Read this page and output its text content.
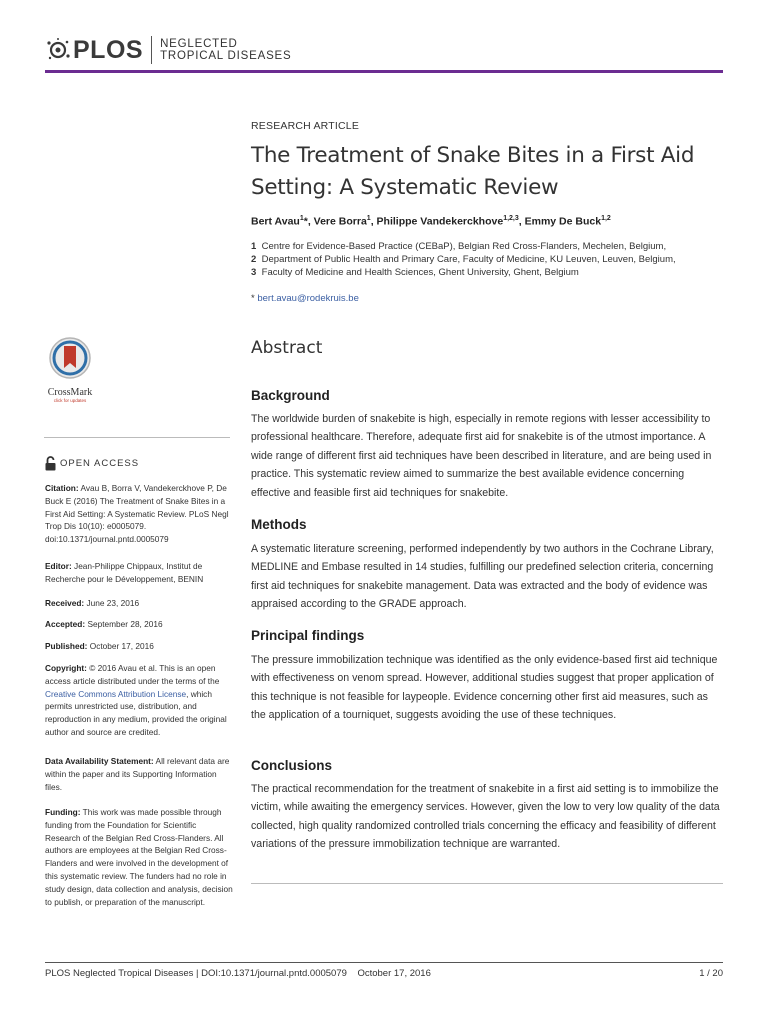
PLOS NEGLECTED
TROPICAL DISEASES
RESEARCH ARTICLE
The Treatment of Snake Bites in a First Aid Setting: A Systematic Review
Bert Avau$^1$*, Vere Borra$^1$, Philippe Vandekerckhove$^{1,2,3}$, Emmy De Buck$^{1,2}$
1 Centre for Evidence-Based Practice (CEBaP), Belgian Red Cross-Flanders, Mechelen, Belgium,
2 Department of Public Health and Primary Care, Faculty of Medicine, KU Leuven, Leuven, Belgium,
3 Faculty of Medicine and Health Sciences, Ghent University, Ghent, Belgium
* bert.avau@rodekruis.be
CrossMark
click for updates
OPEN ACCESS
Citation: Avau B, Borra V, Vandekerckhove P, De Buck E (2016) The Treatment of Snake Bites in a First Aid Setting: A Systematic Review. PLoS Negl Trop Dis 10(10): e0005079. doi:10.1371/journal.pntd.0005079
Editor: Jean-Philippe Chippaux, Institut de Recherche pour le Développement, BENIN
Received: June 23, 2016
Accepted: September 28, 2016
Published: October 17, 2016
Copyright: © 2016 Avau et al. This is an open access article distributed under the terms of the Creative Commons Attribution License, which permits unrestricted use, distribution, and reproduction in any medium, provided the original author and source are credited.
Data Availability Statement: All relevant data are within the paper and its Supporting Information files.
Funding: This work was made possible through funding from the Foundation for Scientific Research of the Belgian Red Cross-Flanders. All authors are employees at the Belgian Red Cross-Flanders and were involved in the development of this systematic review. The funders had no role in study design, data collection and analysis, decision to publish, or preparation of the manuscript.
Abstract
Background

The worldwide burden of snakebite is high, especially in remote regions with lesser accessibility to professional healthcare. Therefore, adequate first aid for snakebite is of the utmost importance. A wide range of different first aid techniques have been described in literature, and are being used in practice. This systematic review aimed to summarize the best available evidence concerning effective and feasible first aid techniques for snakebite.

Methods

A systematic literature screening, performed independently by two authors in the Cochrane Library, MEDLINE and Embase resulted in 14 studies, fulfilling our predefined selection criteria, concerning first aid techniques for snakebite management. Data was extracted and the body of evidence was appraised according to the GRADE approach.

Principal findings

The pressure immobilization technique was identified as the only evidence-based first aid technique with effectiveness on venom spread. However, additional studies suggest that proper application of this technique is not feasible for laypeople. Evidence concerning other first aid measures, such as the application of a tourniquet, suggests avoiding the use of these techniques.

Conclusions

The practical recommendation for the treatment of snakebite in a first aid setting is to immobilize the victim, while awaiting the emergency services. However, given the low to very low quality of the data collected, high quality randomized controlled trials concerning the efficacy and feasibility of different variations of the pressure immobilization technique are warranted.

PLOS Neglected Tropical Diseases | DOI:10.1371/journal.pntd.0005079    October 17, 2016	1 / 20
